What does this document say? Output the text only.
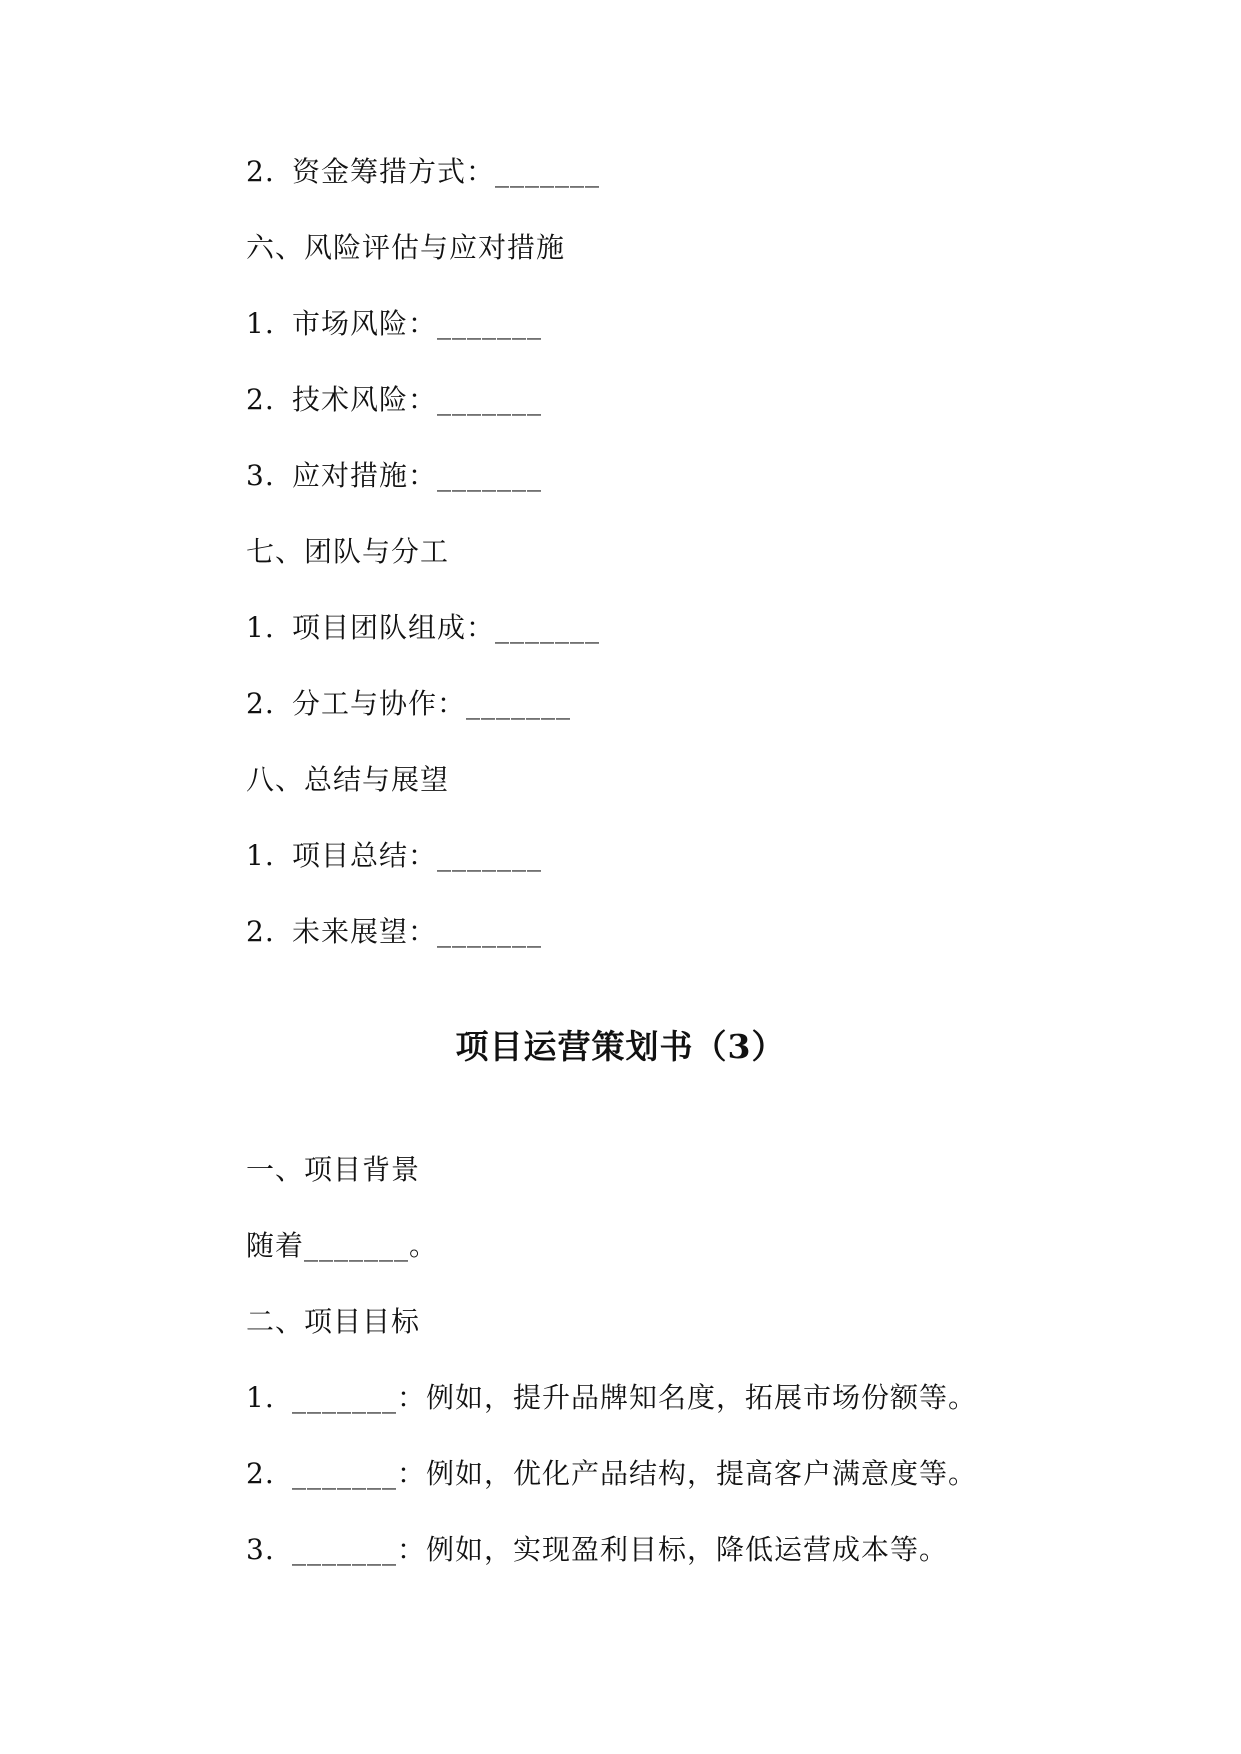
2. 资金筹措方式：_______
六、风险评估与应对措施
1. 市场风险：_______
2. 技术风险：_______
3. 应对措施：_______
七、团队与分工
1. 项目团队组成：_______
2. 分工与协作：_______
八、总结与展望
1. 项目总结：_______
2. 未来展望：_______
项目运营策划书（3）
一、项目背景
随着_______。
二、项目目标
1. _______：例如，提升品牌知名度，拓展市场份额等。
2. _______：例如，优化产品结构，提高客户满意度等。
3. _______：例如，实现盈利目标，降低运营成本等。
